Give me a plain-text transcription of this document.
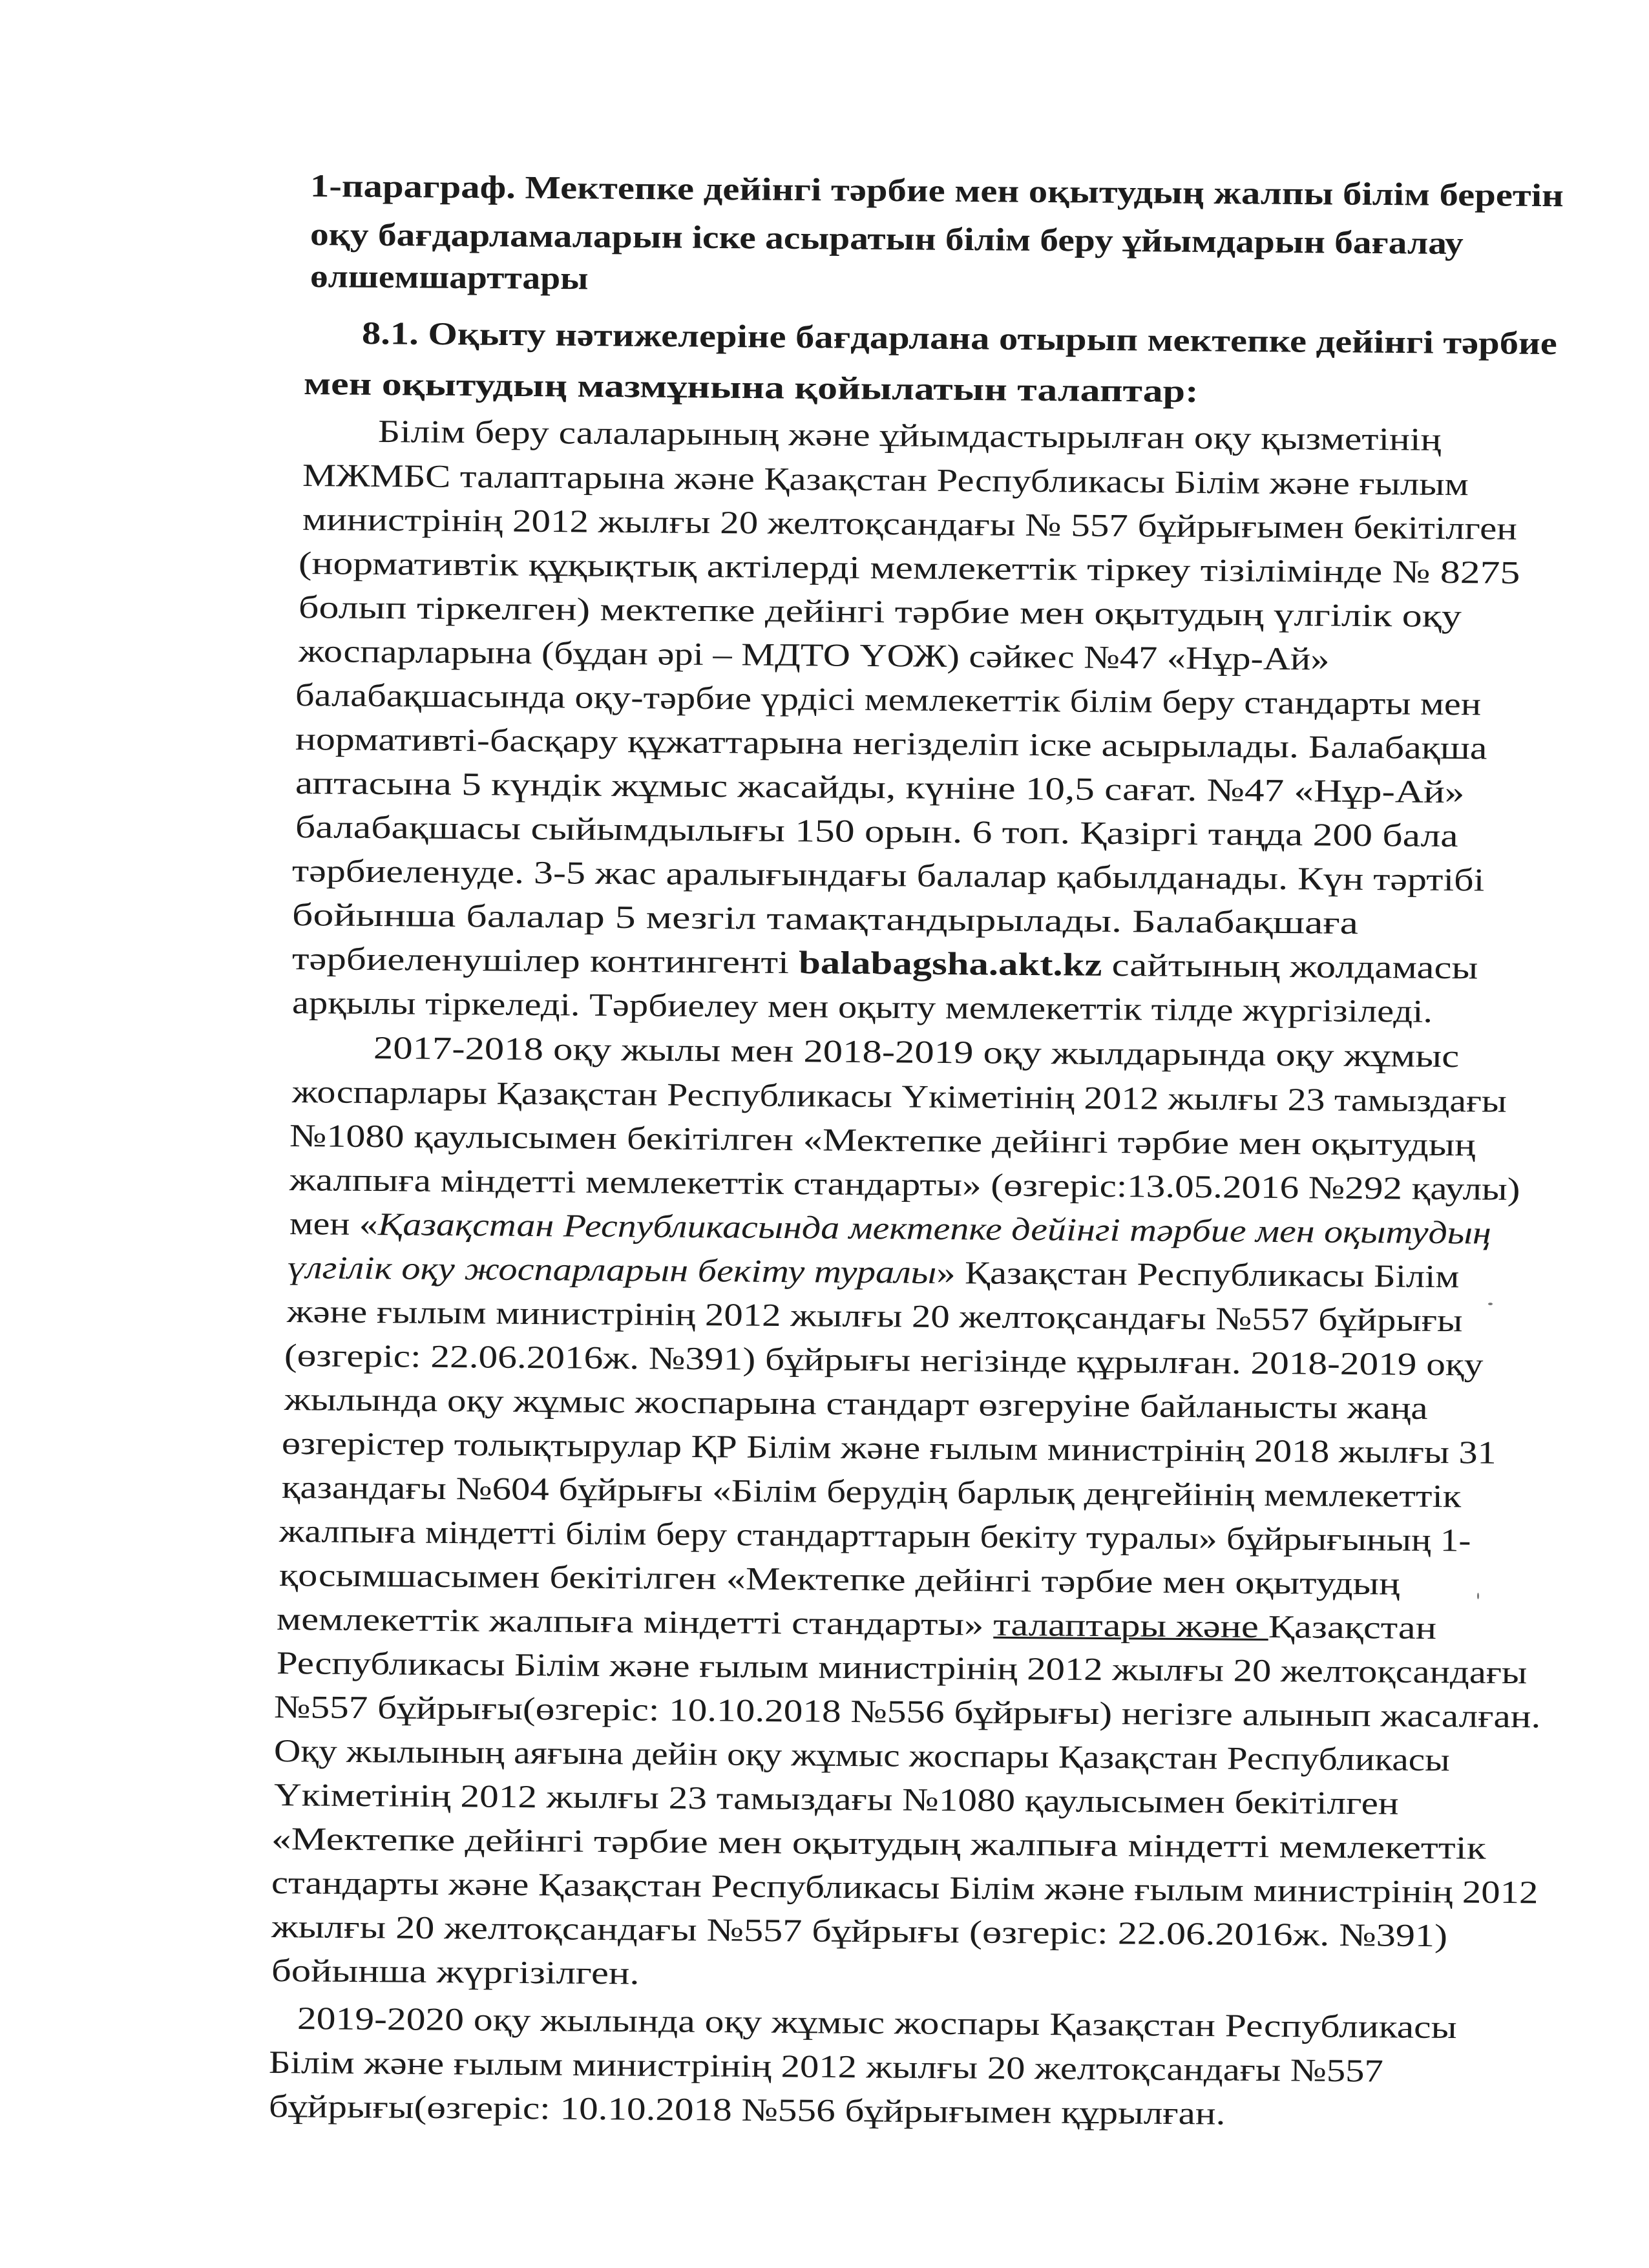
1-параграф. Мектепке дейінгі тәрбие мен оқытудың жалпы білім беретін

оқу бағдарламаларын іске асыратын білім беру ұйымдарын бағалау

өлшемшарттары

8.1. Оқыту нәтижелеріне бағдарлана отырып мектепке дейінгі тәрбие

мен оқытудың мазмұнына қойылатын талаптар:

Білім беру салаларының және ұйымдастырылған оқу қызметінің

МЖМБС талаптарына және Қазақстан Республикасы Білім және ғылым

министрінің 2012 жылғы 20 желтоқсандағы № 557 бұйрығымен бекітілген

(нормативтік құқықтық актілерді мемлекеттік тіркеу тізілімінде № 8275

болып тіркелген) мектепке дейінгі тәрбие мен оқытудың үлгілік оқу

жоспарларына (бұдан әрі – МДТО ҮОЖ) сәйкес №47 «Нұр-Ай»

балабақшасында оқу-тәрбие үрдісі мемлекеттік білім беру стандарты мен

нормативті-басқару құжаттарына негізделіп іске асырылады. Балабақша

аптасына 5 күндік жұмыс жасайды, күніне 10,5 сағат. №47 «Нұр-Ай»

балабақшасы сыйымдылығы 150 орын. 6 топ. Қазіргі таңда 200 бала

тәрбиеленуде. 3-5 жас аралығындағы балалар қабылданады. Күн тәртібі

бойынша балалар 5 мезгіл тамақтандырылады. Балабақшаға

тәрбиеленушілер контингенті balabagsha.akt.kz сайтының жолдамасы

арқылы тіркеледі. Тәрбиелеу мен оқыту мемлекеттік тілде жүргізіледі.

2017-2018 оқу жылы мен 2018-2019 оқу жылдарында оқу жұмыс

жоспарлары Қазақстан Республикасы Үкіметінің 2012 жылғы 23 тамыздағы

№1080 қаулысымен бекітілген «Мектепке дейінгі тәрбие мен оқытудың

жалпыға міндетті мемлекеттік стандарты» (өзгеріс:13.05.2016 №292 қаулы)

мен «Қазақстан Республикасында мектепке дейінгі тәрбие мен оқытудың

үлгілік оқу жоспарларын бекіту туралы» Қазақстан Республикасы Білім

және ғылым министрінің 2012 жылғы 20 желтоқсандағы №557 бұйрығы

(өзгеріс: 22.06.2016ж. №391) бұйрығы негізінде құрылған. 2018-2019 оқу

жылында оқу жұмыс жоспарына стандарт өзгеруіне байланысты жаңа

өзгерістер толықтырулар ҚР Білім және ғылым министрінің 2018 жылғы 31

қазандағы №604 бұйрығы «Білім берудің барлық деңгейінің мемлекеттік

жалпыға міндетті білім беру стандарттарын бекіту туралы» бұйрығының 1-

қосымшасымен бекітілген «Мектепке дейінгі тәрбие мен оқытудың

мемлекеттік жалпыға міндетті стандарты» талаптары және Қазақстан

Республикасы Білім және ғылым министрінің 2012 жылғы 20 желтоқсандағы

№557 бұйрығы(өзгеріс: 10.10.2018 №556 бұйрығы) негізге алынып жасалған.

Оқу жылының аяғына дейін оқу жұмыс жоспары Қазақстан Республикасы

Үкіметінің 2012 жылғы 23 тамыздағы №1080 қаулысымен бекітілген

«Мектепке дейінгі тәрбие мен оқытудың жалпыға міндетті мемлекеттік

стандарты және Қазақстан Республикасы Білім және ғылым министрінің 2012

жылғы 20 желтоқсандағы №557 бұйрығы (өзгеріс: 22.06.2016ж. №391)

бойынша жүргізілген.

2019-2020 оқу жылында оқу жұмыс жоспары Қазақстан Республикасы

Білім және ғылым министрінің 2012 жылғы 20 желтоқсандағы №557

бұйрығы(өзгеріс: 10.10.2018 №556 бұйрығымен құрылған.
